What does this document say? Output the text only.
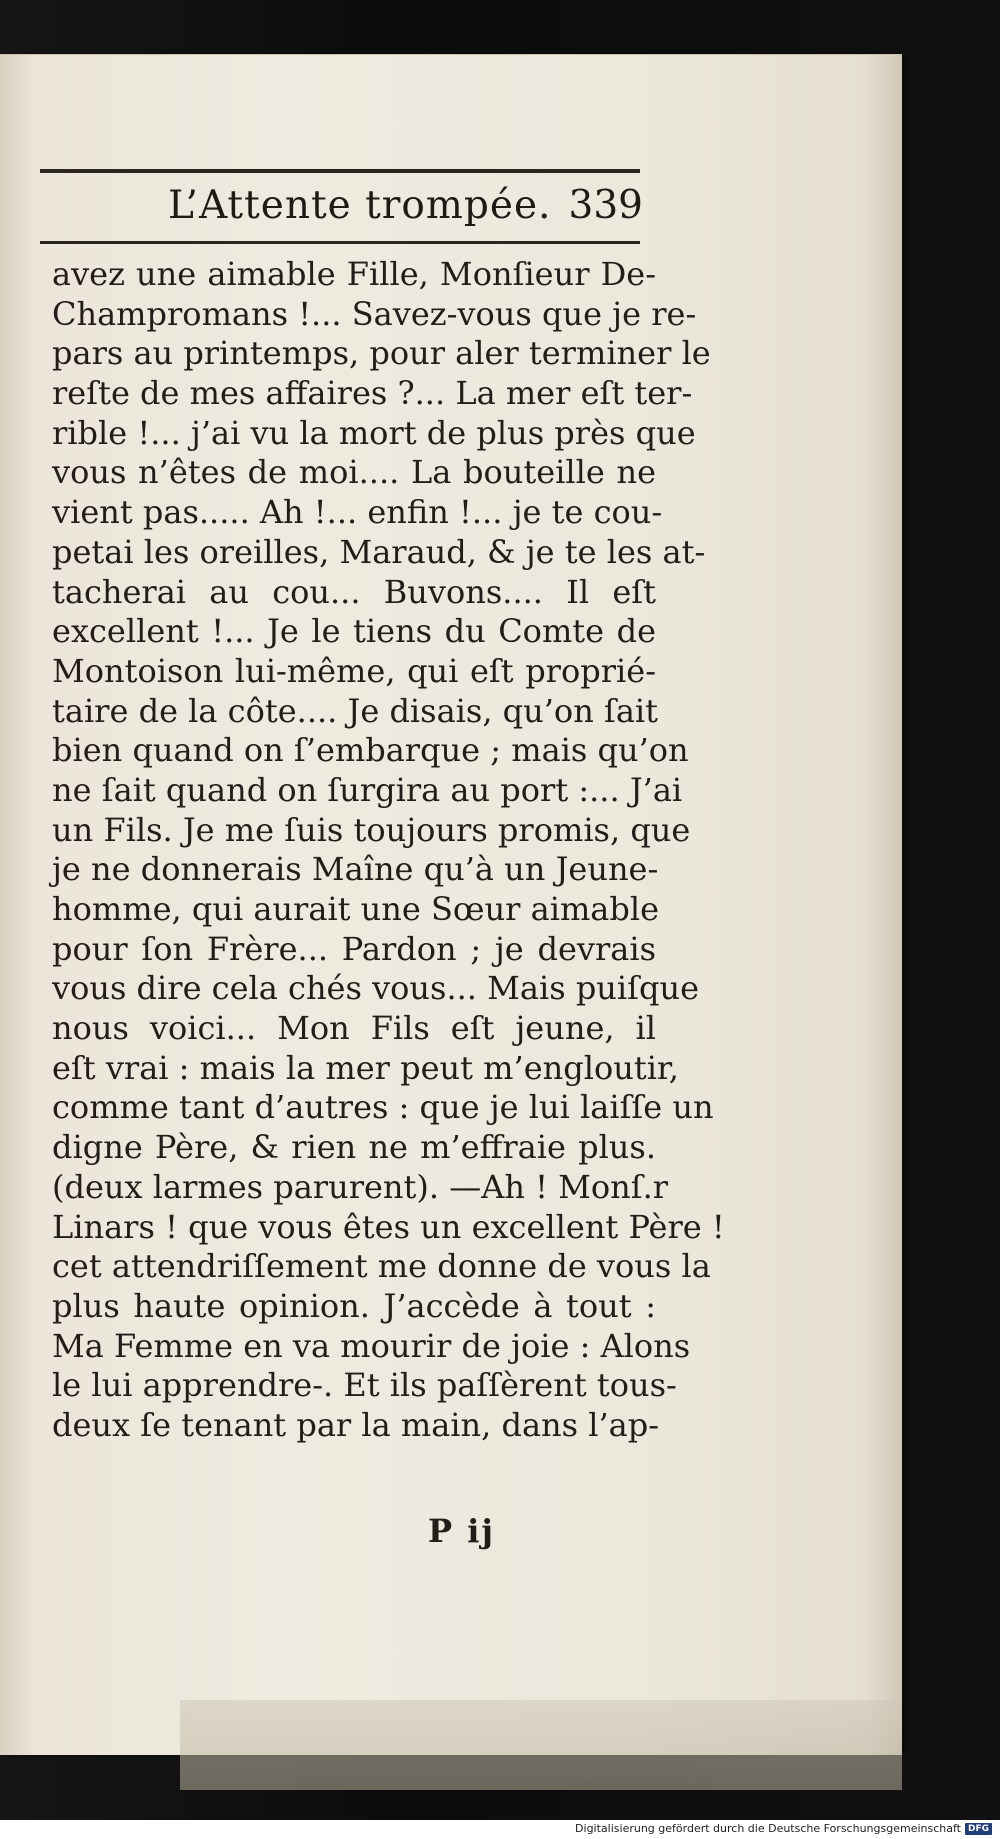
L’Attente trompée. 339
avez une aimable Fille, Monſieur De-
Champromans !... Savez-vous que je re-
pars au printemps, pour aler terminer le
reſte de mes affaires ?... La mer eſt ter-
rible !... j’ai vu la mort de plus près que
vous n’êtes de moi.... La bouteille ne
vient pas..... Ah !... enfin !... je te cou-
petai les oreilles, Maraud, & je te les at-
tacherai au cou... Buvons.... Il eſt
excellent !... Je le tiens du Comte de
Montoison lui-même, qui eſt proprié-
taire de la côte.... Je disais, qu’on ſait
bien quand on ſ’embarque ; mais qu’on
ne ſait quand on ſurgira au port :... J’ai
un Fils. Je me ſuis toujours promis, que
je ne donnerais Maîne qu’à un Jeune-
homme, qui aurait une Sœur aimable
pour ſon Frère... Pardon ; je devrais
vous dire cela chés vous... Mais puiſque
nous voici... Mon Fils eſt jeune, il
eſt vrai : mais la mer peut m’engloutir,
comme tant d’autres : que je lui laiſſe un
digne Père, & rien ne m’effraie plus.
(deux larmes parurent). —Ah ! Monſ.r
Linars ! que vous êtes un excellent Père !
cet attendriſſement me donne de vous la
plus haute opinion. J’accède à tout :
Ma Femme en va mourir de joie : Alons
le lui apprendre-. Et ils paſſèrent tous-
deux ſe tenant par la main, dans l’ap-
P ij
Digitalisierung gefördert durch die Deutsche Forschungsgemeinschaft DFG
